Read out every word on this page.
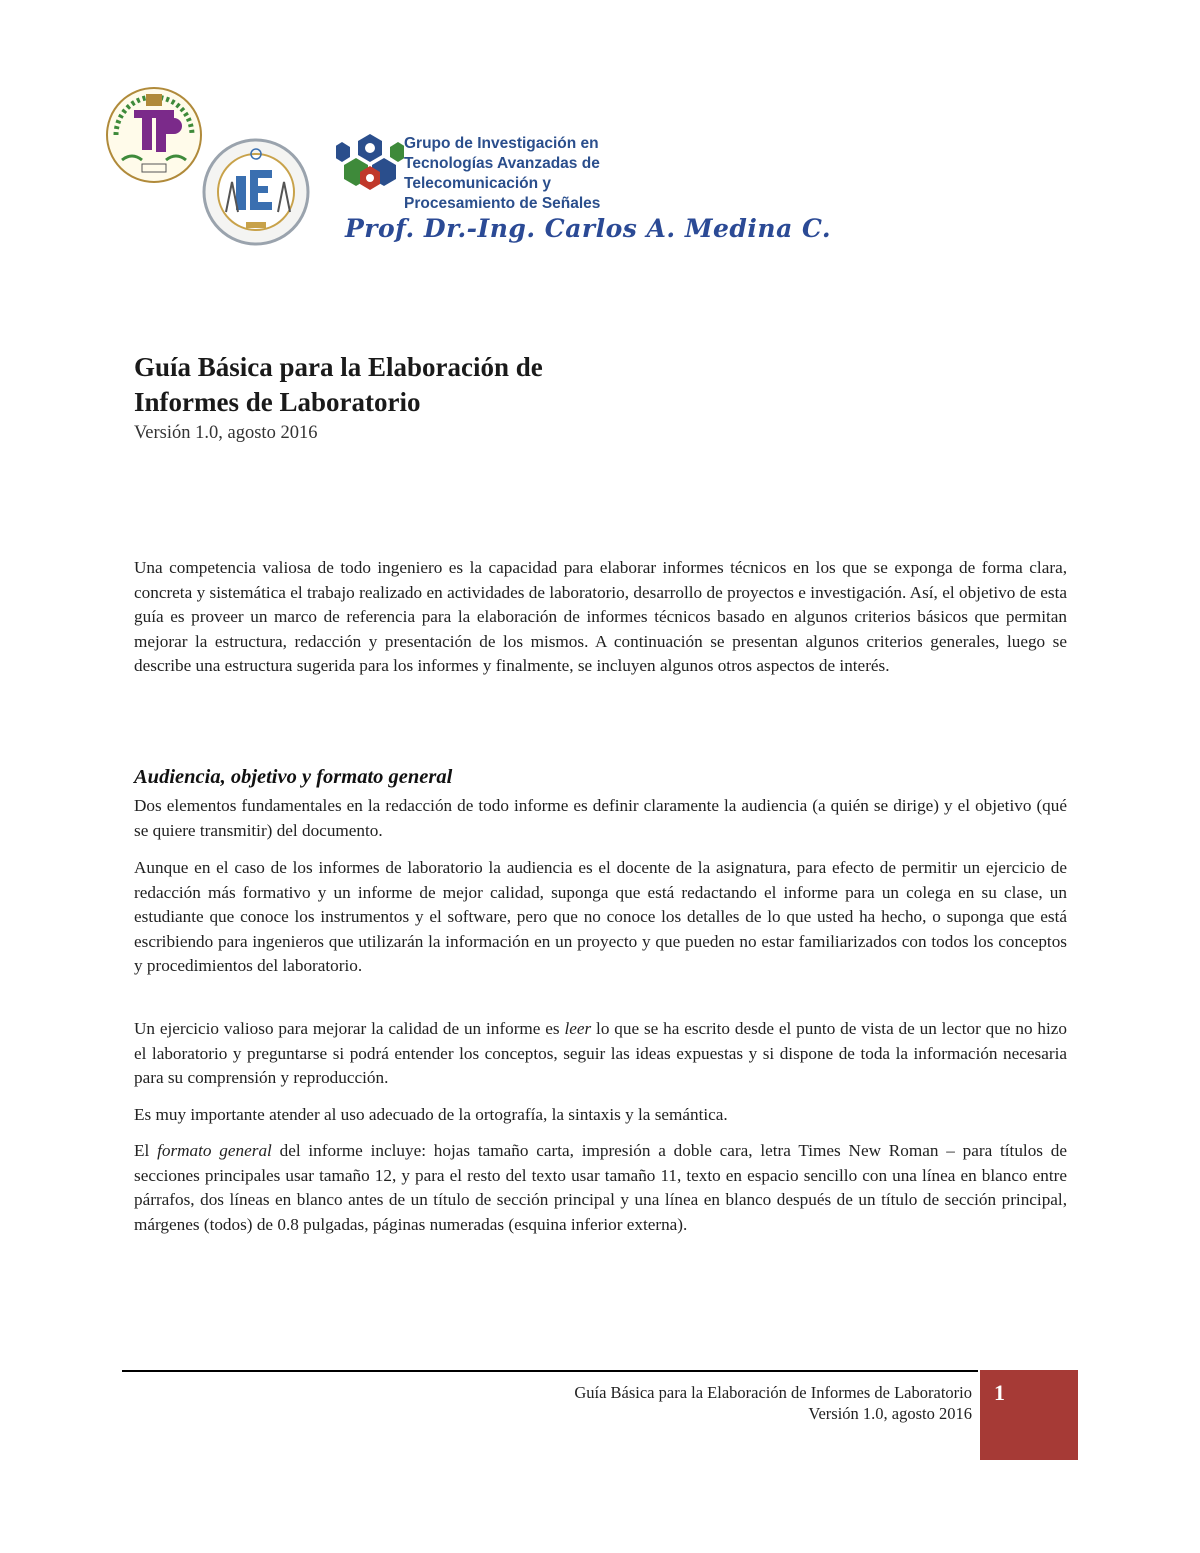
Grupo de Investigación en
Tecnologías Avanzadas de
Telecomunicación y
Procesamiento de Señales
Prof. Dr.-Ing. Carlos A. Medina C.
Guía Básica para la Elaboración de
Informes de Laboratorio
Versión 1.0, agosto 2016
Una competencia valiosa de todo ingeniero es la capacidad para elaborar informes técnicos en los que se exponga de forma clara, concreta y sistemática el trabajo realizado en actividades de laboratorio, desarrollo de proyectos e investigación. Así, el objetivo de esta guía es proveer un marco de referencia para la elaboración de informes técnicos basado en algunos criterios básicos que permitan mejorar la estructura, redacción y presentación de los mismos. A continuación se presentan algunos criterios generales, luego se describe una estructura sugerida para los informes y finalmente, se incluyen algunos otros aspectos de interés.
Audiencia, objetivo y formato general
Dos elementos fundamentales en la redacción de todo informe es definir claramente la audiencia (a quién se dirige) y el objetivo (qué se quiere transmitir) del documento.
Aunque en el caso de los informes de laboratorio la audiencia es el docente de la asignatura, para efecto de permitir un ejercicio de redacción más formativo y un informe de mejor calidad, suponga que está redactando el informe para un colega en su clase, un estudiante que conoce los instrumentos y el software, pero que no conoce los detalles de lo que usted ha hecho, o suponga que está escribiendo para ingenieros que utilizarán la información en un proyecto y que pueden no estar familiarizados con todos los conceptos y procedimientos del laboratorio.
Un ejercicio valioso para mejorar la calidad de un informe es leer lo que se ha escrito desde el punto de vista de un lector que no hizo el laboratorio y preguntarse si podrá entender los conceptos, seguir las ideas expuestas y si dispone de toda la información necesaria para su comprensión y reproducción.
Es muy importante atender al uso adecuado de la ortografía, la sintaxis y la semántica.
El formato general del informe incluye: hojas tamaño carta, impresión a doble cara, letra Times New Roman – para títulos de secciones principales usar tamaño 12, y para el resto del texto usar tamaño 11, texto en espacio sencillo con una línea en blanco entre párrafos, dos líneas en blanco antes de un título de sección principal y una línea en blanco después de un título de sección principal, márgenes (todos) de 0.8 pulgadas, páginas numeradas (esquina inferior externa).
Guía Básica para la Elaboración de Informes de Laboratorio
Versión 1.0, agosto 2016
1
